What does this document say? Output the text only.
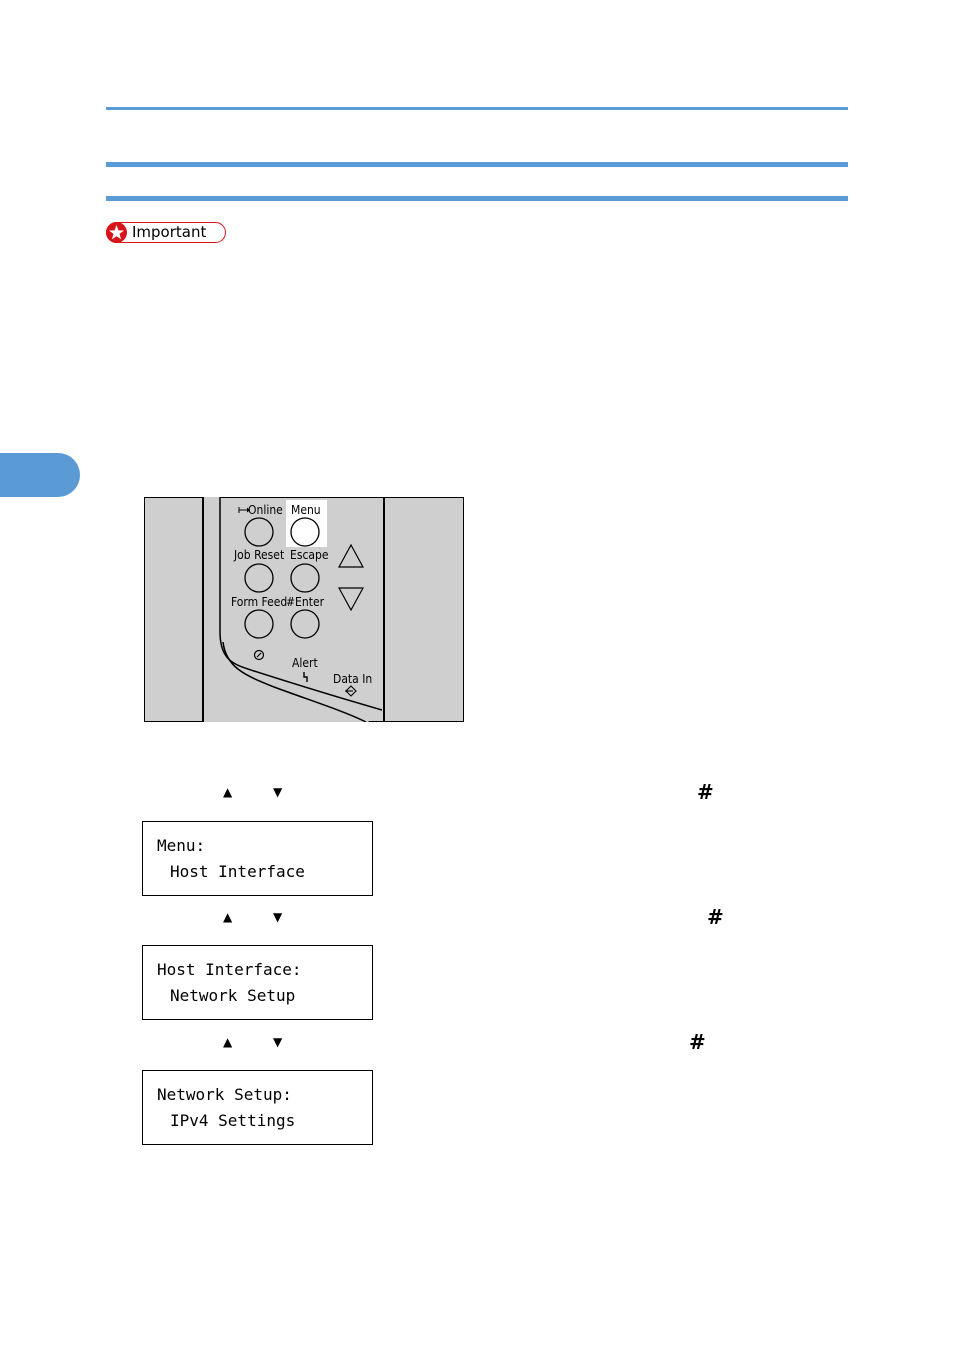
Important
Online Menu
Job Reset Escape
Form Feed
#Enter
Alert
Data In
▲	▼	#
Menu:
Host Interface
▲	▼	#
Host Interface:
Network Setup
▲	▼	#
Network Setup:
IPv4 Settings
